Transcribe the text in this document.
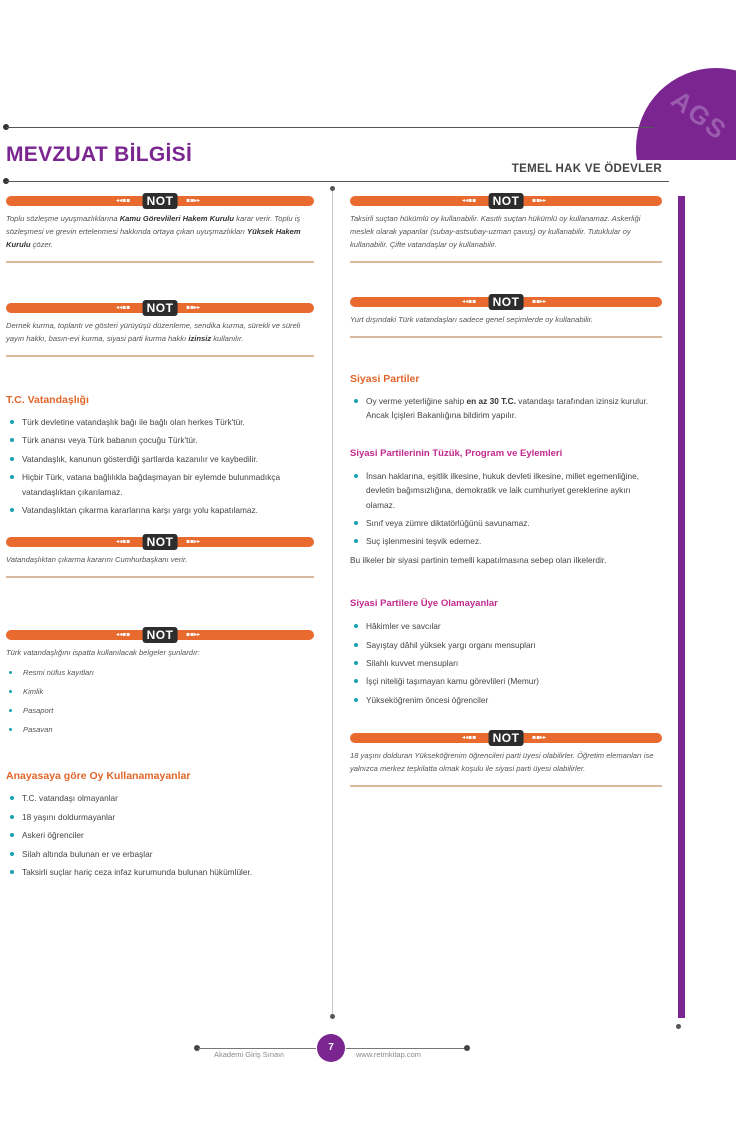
AGS
MEVZUAT BİLGİSİ
TEMEL HAK VE ÖDEVLER
◂◂▪▪	NOT	▪▪▸▸

Toplu sözleşme uyuşmazlıklarına Kamu Görevlileri Hakem Kurulu karar verir. Toplu iş sözleşmesi ve grevin ertelenmesi hakkında ortaya çıkan uyuşmazlıkları Yüksek Hakem Kurulu çözer.

◂◂▪▪	NOT	▪▪▸▸

Dernek kurma, toplantı ve gösteri yürüyüşü düzenleme, sendika kurma, sürekli ve süreli yayın hakkı, basın-evi kurma, siyasi parti kurma hakkı izinsiz kullanılır.

T.C. Vatandaşlığı
Türk devletine vatandaşlık bağı ile bağlı olan herkes Türk'tür.
Türk anansı veya Türk babanın çocuğu Türk'tür.
Vatandaşlık, kanunun gösterdiği şartlarda kazanılır ve kaybedilir.
Hiçbir Türk, vatana bağlılıkla bağdaşmayan bir eylemde bulunmadıkça vatandaşlıktan çıkarılamaz.
Vatandaşlıktan çıkarma kararlarına karşı yargı yolu kapatılamaz.
◂◂▪▪	NOT	▪▪▸▸

Vatandaşlıktan çıkarma kararını Cumhurbaşkanı verir.

◂◂▪▪	NOT	▪▪▸▸

Türk vatandaşlığını ispatta kullanılacak belgeler şunlardır:

Resmi nüfus kayıtları
Kimlik
Pasaport
Pasavan
Anayasaya göre Oy Kullanamayanlar
T.C. vatandaşı olmayanlar
18 yaşını doldurmayanlar
Askeri öğrenciler
Silah altında bulunan er ve erbaşlar
Taksirli suçlar hariç ceza infaz kurumunda bulunan hükümlüler.
◂◂▪▪	NOT	▪▪▸▸

Taksirli suçtan hükümlü oy kullanabilir. Kasıtlı suçtan hükümlü oy kullanamaz. Askerliği meslek olarak yapanlar (subay-astsubay-uzman çavuş) oy kullanabilir. Tutuklular oy kullanabilir. Çifte vatandaşlar oy kullanabilir.

◂◂▪▪	NOT	▪▪▸▸

Yurt dışındaki Türk vatandaşları sadece genel seçimlerde oy kullanabilir.

Siyasi Partiler
Oy verme yeterliğine sahip en az 30 T.C. vatandaşı tarafından izinsiz kurulur. Ancak İçişleri Bakanlığına bildirim yapılır.
Siyasi Partilerinin Tüzük, Program ve Eylemleri
İnsan haklarına, eşitlik ilkesine, hukuk devleti ilkesine, millet egemenliğine, devletin bağımsızlığına, demokratik ve laik cumhuriyet gereklerine aykırı olamaz.
Sınıf veya zümre diktatörlüğünü savunamaz.
Suç işlenmesini teşvik edemez.

Bu ilkeler bir siyasi partinin temelli kapatılmasına sebep olan ilkelerdir.

Siyasi Partilere Üye Olamayanlar
Hâkimler ve savcılar
Sayıştay dâhil yüksek yargı organı mensupları
Silahlı kuvvet mensupları
İşçi niteliği taşımayan kamu görevlileri (Memur)
Yükseköğrenim öncesi öğrenciler
◂◂▪▪	NOT	▪▪▸▸

18 yaşını dolduran Yükseköğrenim öğrencileri parti üyesi olabilirler. Öğretim elemanları ise yalnızca merkez teşkilatta olmak koşulu ile siyasi parti üyesi olabilirler.

7
Akademi Giriş Sınavı	www.retmkitap.com
